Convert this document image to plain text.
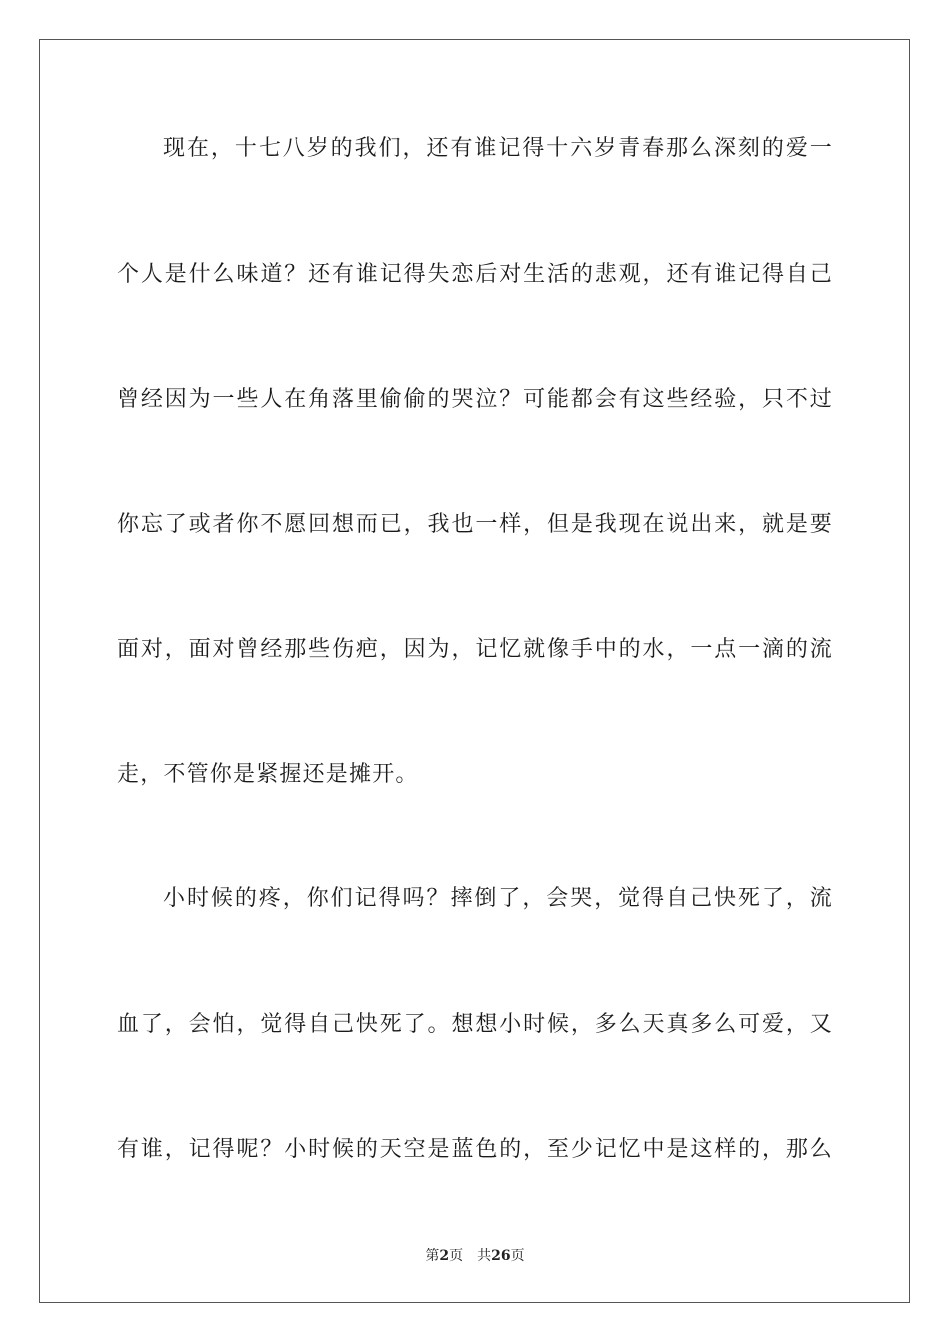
现在，十七八岁的我们，还有谁记得十六岁青春那么深刻的爱一
个人是什么味道？还有谁记得失恋后对生活的悲观，还有谁记得自己
曾经因为一些人在角落里偷偷的哭泣？可能都会有这些经验，只不过
你忘了或者你不愿回想而已，我也一样，但是我现在说出来，就是要
面对，面对曾经那些伤疤，因为，记忆就像手中的水，一点一滴的流
走，不管你是紧握还是摊开。
小时候的疼，你们记得吗？摔倒了，会哭，觉得自己快死了，流
血了，会怕，觉得自己快死了。想想小时候，多么天真多么可爱，又
有谁，记得呢？小时候的天空是蓝色的，至少记忆中是这样的，那么
第2页 共26页
